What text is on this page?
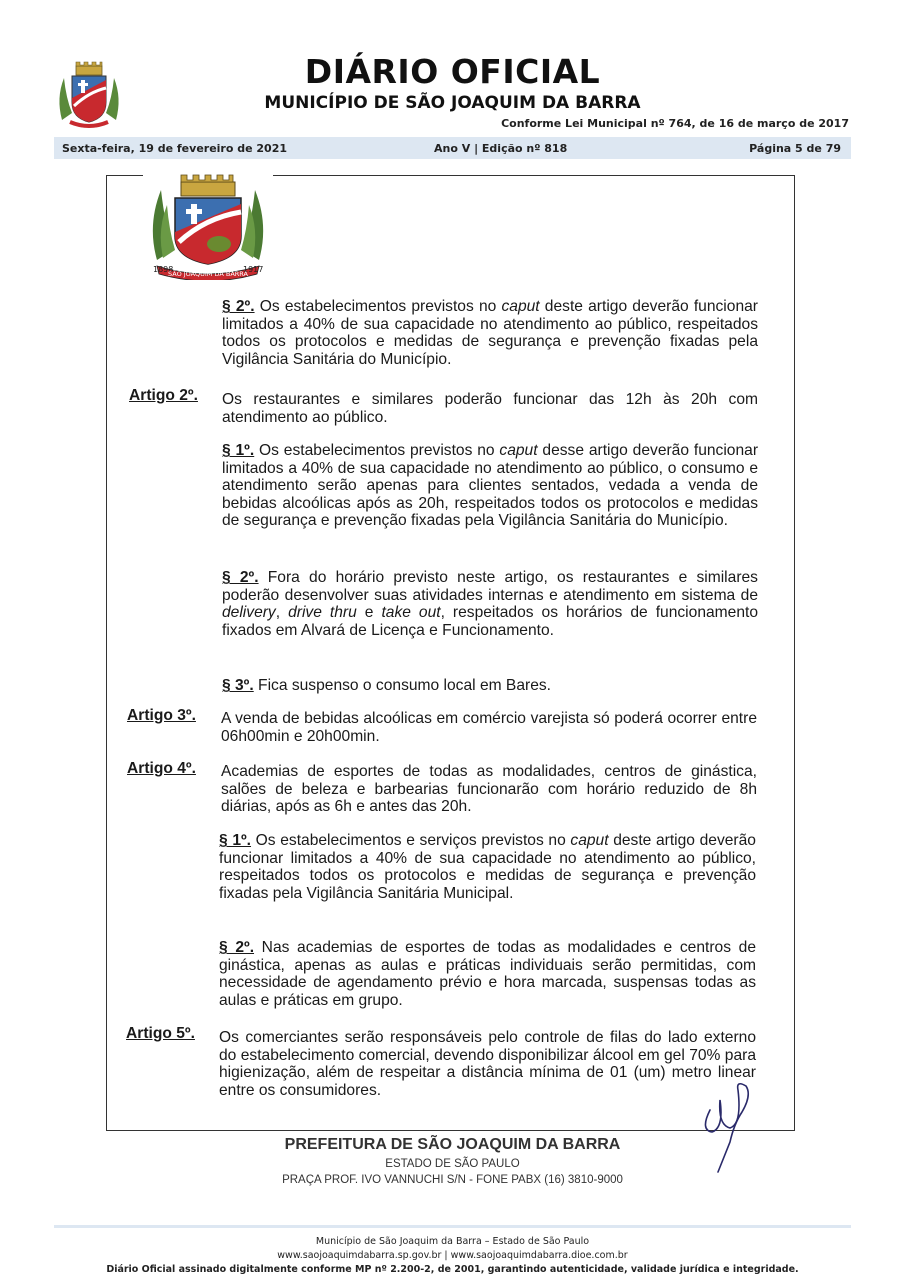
DIÁRIO OFICIAL
MUNICÍPIO DE SÃO JOAQUIM DA BARRA
Conforme Lei Municipal nº 764, de 16 de março de 2017
Sexta-feira, 19 de fevereiro de 2021	Ano V | Edição nº 818	Página 5 de 79
1898	1917
SÃO JOAQUIM DA BARRA
§ 2º. Os estabelecimentos previstos no caput deste artigo deverão funcionar limitados a 40% de sua capacidade no atendimento ao público, respeitados todos os protocolos e medidas de segurança e prevenção fixadas pela Vigilância Sanitária do Município.
Artigo 2º. Os restaurantes e similares poderão funcionar das 12h às 20h com atendimento ao público.
§ 1º. Os estabelecimentos previstos no caput desse artigo deverão funcionar limitados a 40% de sua capacidade no atendimento ao público, o consumo e atendimento serão apenas para clientes sentados, vedada a venda de bebidas alcoólicas após as 20h, respeitados todos os protocolos e medidas de segurança e prevenção fixadas pela Vigilância Sanitária do Município.
§ 2º. Fora do horário previsto neste artigo, os restaurantes e similares poderão desenvolver suas atividades internas e atendimento em sistema de delivery, drive thru e take out, respeitados os horários de funcionamento fixados em Alvará de Licença e Funcionamento.
§ 3º. Fica suspenso o consumo local em Bares.
Artigo 3º. A venda de bebidas alcoólicas em comércio varejista só poderá ocorrer entre 06h00min e 20h00min.
Artigo 4º. Academias de esportes de todas as modalidades, centros de ginástica, salões de beleza e barbearias funcionarão com horário reduzido de 8h diárias, após as 6h e antes das 20h.
§ 1º. Os estabelecimentos e serviços previstos no caput deste artigo deverão funcionar limitados a 40% de sua capacidade no atendimento ao público, respeitados todos os protocolos e medidas de segurança e prevenção fixadas pela Vigilância Sanitária Municipal.
§ 2º. Nas academias de esportes de todas as modalidades e centros de ginástica, apenas as aulas e práticas individuais serão permitidas, com necessidade de agendamento prévio e hora marcada, suspensas todas as aulas e práticas em grupo.
Artigo 5º. Os comerciantes serão responsáveis pelo controle de filas do lado externo do estabelecimento comercial, devendo disponibilizar álcool em gel 70% para higienização, além de respeitar a distância mínima de 01 (um) metro linear entre os consumidores.
PREFEITURA DE SÃO JOAQUIM DA BARRA
ESTADO DE SÃO PAULO
PRAÇA PROF. IVO VANNUCHI S/N - FONE PABX (16) 3810-9000
Município de São Joaquim da Barra – Estado de São Paulo
www.saojoaquimdabarra.sp.gov.br | www.saojoaquimdabarra.dioe.com.br
Diário Oficial assinado digitalmente conforme MP nº 2.200-2, de 2001, garantindo autenticidade, validade jurídica e integridade.
